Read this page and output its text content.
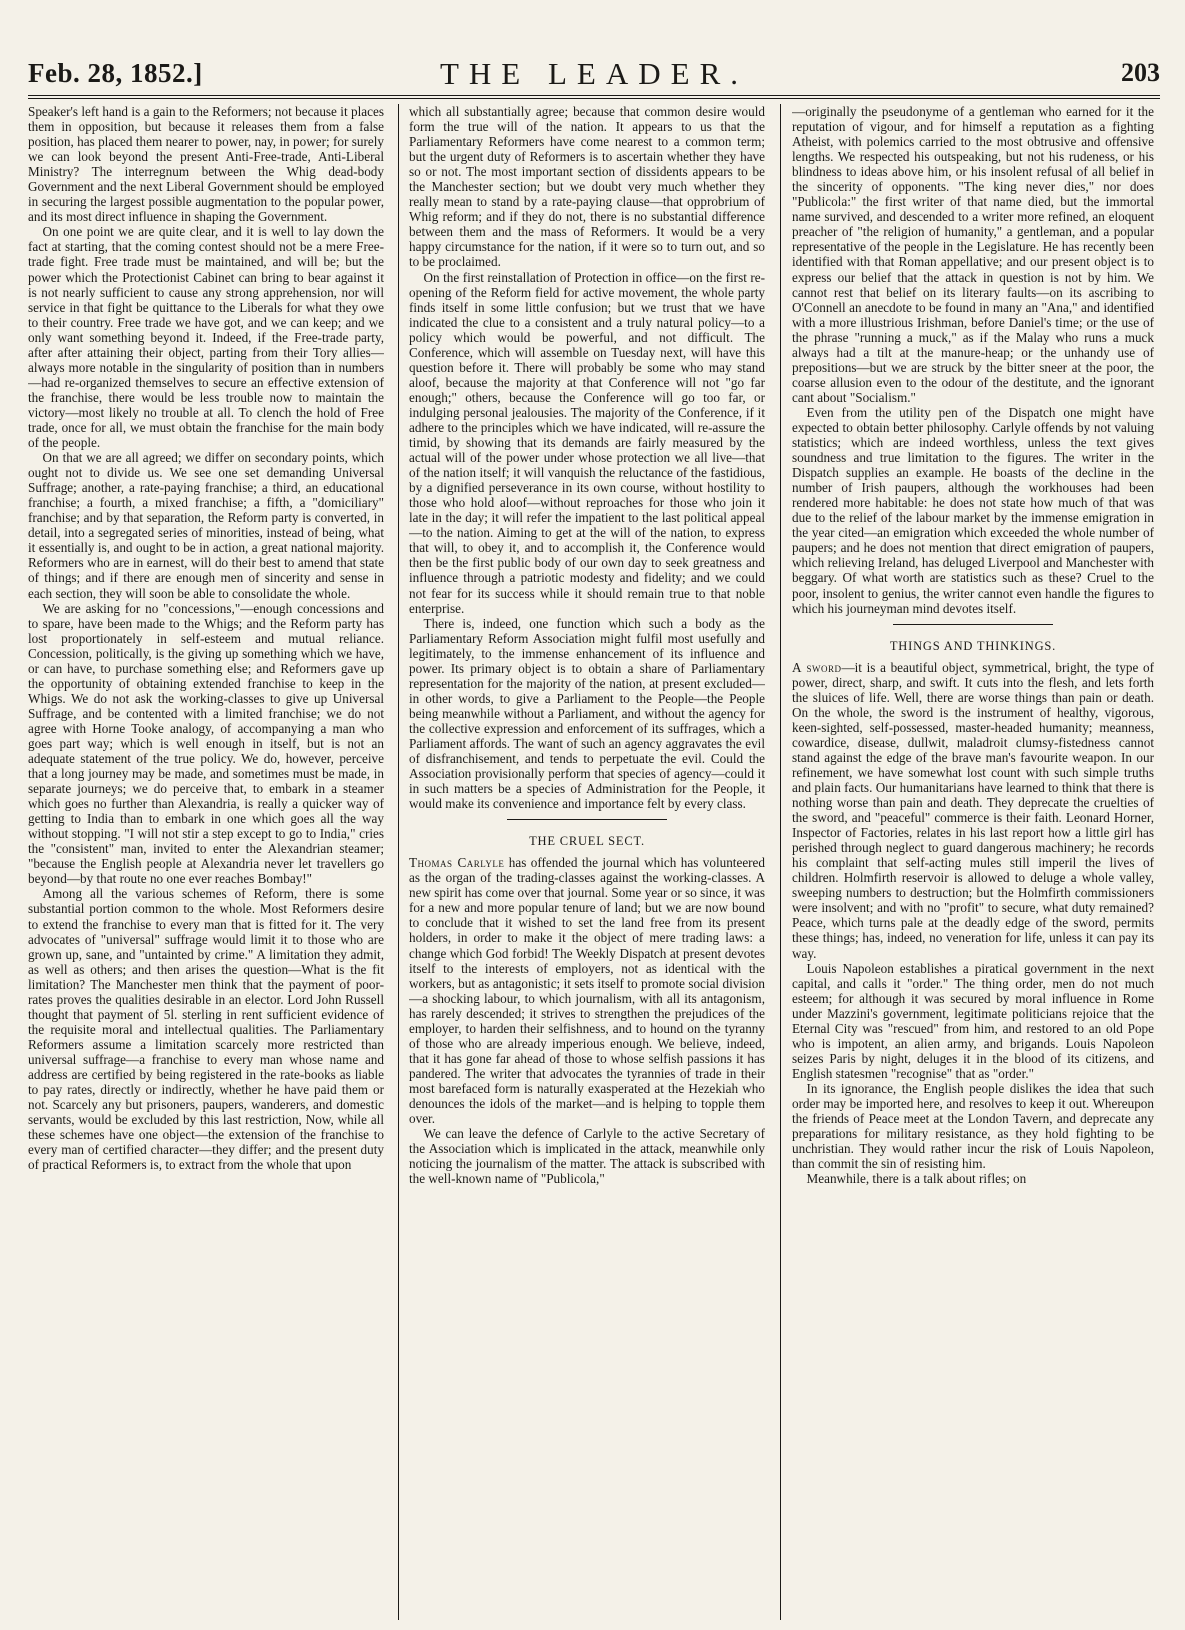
Feb. 28, 1852.]	THE LEADER.	203

Speaker's left hand is a gain to the Reformers; not because it places them in opposition, but because it releases them from a false position, has placed them nearer to power, nay, in power; for surely we can look beyond the present Anti-Free-trade, Anti-Liberal Ministry? The interregnum between the Whig dead-body Government and the next Liberal Government should be employed in securing the largest possible augmentation to the popular power, and its most direct influence in shaping the Government.

On one point we are quite clear, and it is well to lay down the fact at starting, that the coming contest should not be a mere Free-trade fight. Free trade must be maintained, and will be; but the power which the Protectionist Cabinet can bring to bear against it is not nearly sufficient to cause any strong apprehension, nor will service in that fight be quittance to the Liberals for what they owe to their country. Free trade we have got, and we can keep; and we only want something beyond it. Indeed, if the Free-trade party, after after attaining their object, parting from their Tory allies—always more notable in the singularity of position than in numbers—had re-organized themselves to secure an effective extension of the franchise, there would be less trouble now to maintain the victory—most likely no trouble at all. To clench the hold of Free trade, once for all, we must obtain the franchise for the main body of the people.

On that we are all agreed; we differ on secondary points, which ought not to divide us. We see one set demanding Universal Suffrage; another, a rate-paying franchise; a third, an educational franchise; a fourth, a mixed franchise; a fifth, a "domiciliary" franchise; and by that separation, the Reform party is converted, in detail, into a segregated series of minorities, instead of being, what it essentially is, and ought to be in action, a great national majority. Reformers who are in earnest, will do their best to amend that state of things; and if there are enough men of sincerity and sense in each section, they will soon be able to consolidate the whole.

We are asking for no "concessions,"—enough concessions and to spare, have been made to the Whigs; and the Reform party has lost proportionately in self-esteem and mutual reliance. Concession, politically, is the giving up something which we have, or can have, to purchase something else; and Reformers gave up the opportunity of obtaining extended franchise to keep in the Whigs. We do not ask the working-classes to give up Universal Suffrage, and be contented with a limited franchise; we do not agree with Horne Tooke analogy, of accompanying a man who goes part way; which is well enough in itself, but is not an adequate statement of the true policy. We do, however, perceive that a long journey may be made, and sometimes must be made, in separate journeys; we do perceive that, to embark in a steamer which goes no further than Alexandria, is really a quicker way of getting to India than to embark in one which goes all the way without stopping. "I will not stir a step except to go to India," cries the "consistent" man, invited to enter the Alexandrian steamer; "because the English people at Alexandria never let travellers go beyond—by that route no one ever reaches Bombay!"

Among all the various schemes of Reform, there is some substantial portion common to the whole. Most Reformers desire to extend the franchise to every man that is fitted for it. The very advocates of "universal" suffrage would limit it to those who are grown up, sane, and "untainted by crime." A limitation they admit, as well as others; and then arises the question—What is the fit limitation? The Manchester men think that the payment of poor-rates proves the qualities desirable in an elector. Lord John Russell thought that payment of 5l. sterling in rent sufficient evidence of the requisite moral and intellectual qualities. The Parliamentary Reformers assume a limitation scarcely more restricted than universal suffrage—a franchise to every man whose name and address are certified by being registered in the rate-books as liable to pay rates, directly or indirectly, whether he have paid them or not. Scarcely any but prisoners, paupers, wanderers, and domestic servants, would be excluded by this last restriction, Now, while all these schemes have one object—the extension of the franchise to every man of certified character—they differ; and the present duty of practical Reformers is, to extract from the whole that upon

which all substantially agree; because that common desire would form the true will of the nation. It appears to us that the Parliamentary Reformers have come nearest to a common term; but the urgent duty of Reformers is to ascertain whether they have so or not. The most important section of dissidents appears to be the Manchester section; but we doubt very much whether they really mean to stand by a rate-paying clause—that opprobrium of Whig reform; and if they do not, there is no substantial difference between them and the mass of Reformers. It would be a very happy circumstance for the nation, if it were so to turn out, and so to be proclaimed.

On the first reinstallation of Protection in office—on the first re-opening of the Reform field for active movement, the whole party finds itself in some little confusion; but we trust that we have indicated the clue to a consistent and a truly natural policy—to a policy which would be powerful, and not difficult. The Conference, which will assemble on Tuesday next, will have this question before it. There will probably be some who may stand aloof, because the majority at that Conference will not "go far enough;" others, because the Conference will go too far, or indulging personal jealousies. The majority of the Conference, if it adhere to the principles which we have indicated, will re-assure the timid, by showing that its demands are fairly measured by the actual will of the power under whose protection we all live—that of the nation itself; it will vanquish the reluctance of the fastidious, by a dignified perseverance in its own course, without hostility to those who hold aloof—without reproaches for those who join it late in the day; it will refer the impatient to the last political appeal—to the nation. Aiming to get at the will of the nation, to express that will, to obey it, and to accomplish it, the Conference would then be the first public body of our own day to seek greatness and influence through a patriotic modesty and fidelity; and we could not fear for its success while it should remain true to that noble enterprise.

There is, indeed, one function which such a body as the Parliamentary Reform Association might fulfil most usefully and legitimately, to the immense enhancement of its influence and power. Its primary object is to obtain a share of Parliamentary representation for the majority of the nation, at present excluded—in other words, to give a Parliament to the People—the People being meanwhile without a Parliament, and without the agency for the collective expression and enforcement of its suffrages, which a Parliament affords. The want of such an agency aggravates the evil of disfranchisement, and tends to perpetuate the evil. Could the Association provisionally perform that species of agency—could it in such matters be a species of Administration for the People, it would make its convenience and importance felt by every class.

THE CRUEL SECT.

Thomas Carlyle has offended the journal which has volunteered as the organ of the trading-classes against the working-classes. A new spirit has come over that journal. Some year or so since, it was for a new and more popular tenure of land; but we are now bound to conclude that it wished to set the land free from its present holders, in order to make it the object of mere trading laws: a change which God forbid! The Weekly Dispatch at present devotes itself to the interests of employers, not as identical with the workers, but as antagonistic; it sets itself to promote social division—a shocking labour, to which journalism, with all its antagonism, has rarely descended; it strives to strengthen the prejudices of the employer, to harden their selfishness, and to hound on the tyranny of those who are already imperious enough. We believe, indeed, that it has gone far ahead of those to whose selfish passions it has pandered. The writer that advocates the tyrannies of trade in their most barefaced form is naturally exasperated at the Hezekiah who denounces the idols of the market—and is helping to topple them over.

We can leave the defence of Carlyle to the active Secretary of the Association which is implicated in the attack, meanwhile only noticing the journalism of the matter. The attack is subscribed with the well-known name of "Publicola,"

—originally the pseudonyme of a gentleman who earned for it the reputation of vigour, and for himself a reputation as a fighting Atheist, with polemics carried to the most obtrusive and offensive lengths. We respected his outspeaking, but not his rudeness, or his blindness to ideas above him, or his insolent refusal of all belief in the sincerity of opponents. "The king never dies," nor does "Publicola:" the first writer of that name died, but the immortal name survived, and descended to a writer more refined, an eloquent preacher of "the religion of humanity," a gentleman, and a popular representative of the people in the Legislature. He has recently been identified with that Roman appellative; and our present object is to express our belief that the attack in question is not by him. We cannot rest that belief on its literary faults—on its ascribing to O'Connell an anecdote to be found in many an "Ana," and identified with a more illustrious Irishman, before Daniel's time; or the use of the phrase "running a muck," as if the Malay who runs a muck always had a tilt at the manure-heap; or the unhandy use of prepositions—but we are struck by the bitter sneer at the poor, the coarse allusion even to the odour of the destitute, and the ignorant cant about "Socialism."

Even from the utility pen of the Dispatch one might have expected to obtain better philosophy. Carlyle offends by not valuing statistics; which are indeed worthless, unless the text gives soundness and true limitation to the figures. The writer in the Dispatch supplies an example. He boasts of the decline in the number of Irish paupers, although the workhouses had been rendered more habitable: he does not state how much of that was due to the relief of the labour market by the immense emigration in the year cited—an emigration which exceeded the whole number of paupers; and he does not mention that direct emigration of paupers, which relieving Ireland, has deluged Liverpool and Manchester with beggary. Of what worth are statistics such as these? Cruel to the poor, insolent to genius, the writer cannot even handle the figures to which his journeyman mind devotes itself.

THINGS AND THINKINGS.

A sword—it is a beautiful object, symmetrical, bright, the type of power, direct, sharp, and swift. It cuts into the flesh, and lets forth the sluices of life. Well, there are worse things than pain or death. On the whole, the sword is the instrument of healthy, vigorous, keen-sighted, self-possessed, master-headed humanity; meanness, cowardice, disease, dullwit, maladroit clumsy-fistedness cannot stand against the edge of the brave man's favourite weapon. In our refinement, we have somewhat lost count with such simple truths and plain facts. Our humanitarians have learned to think that there is nothing worse than pain and death. They deprecate the cruelties of the sword, and "peaceful" commerce is their faith. Leonard Horner, Inspector of Factories, relates in his last report how a little girl has perished through neglect to guard dangerous machinery; he records his complaint that self-acting mules still imperil the lives of children. Holmfirth reservoir is allowed to deluge a whole valley, sweeping numbers to destruction; but the Holmfirth commissioners were insolvent; and with no "profit" to secure, what duty remained? Peace, which turns pale at the deadly edge of the sword, permits these things; has, indeed, no veneration for life, unless it can pay its way.

Louis Napoleon establishes a piratical government in the next capital, and calls it "order." The thing order, men do not much esteem; for although it was secured by moral influence in Rome under Mazzini's government, legitimate politicians rejoice that the Eternal City was "rescued" from him, and restored to an old Pope who is impotent, an alien army, and brigands. Louis Napoleon seizes Paris by night, deluges it in the blood of its citizens, and English statesmen "recognise" that as "order."

In its ignorance, the English people dislikes the idea that such order may be imported here, and resolves to keep it out. Whereupon the friends of Peace meet at the London Tavern, and deprecate any preparations for military resistance, as they hold fighting to be unchristian. They would rather incur the risk of Louis Napoleon, than commit the sin of resisting him.

Meanwhile, there is a talk about rifles; on
